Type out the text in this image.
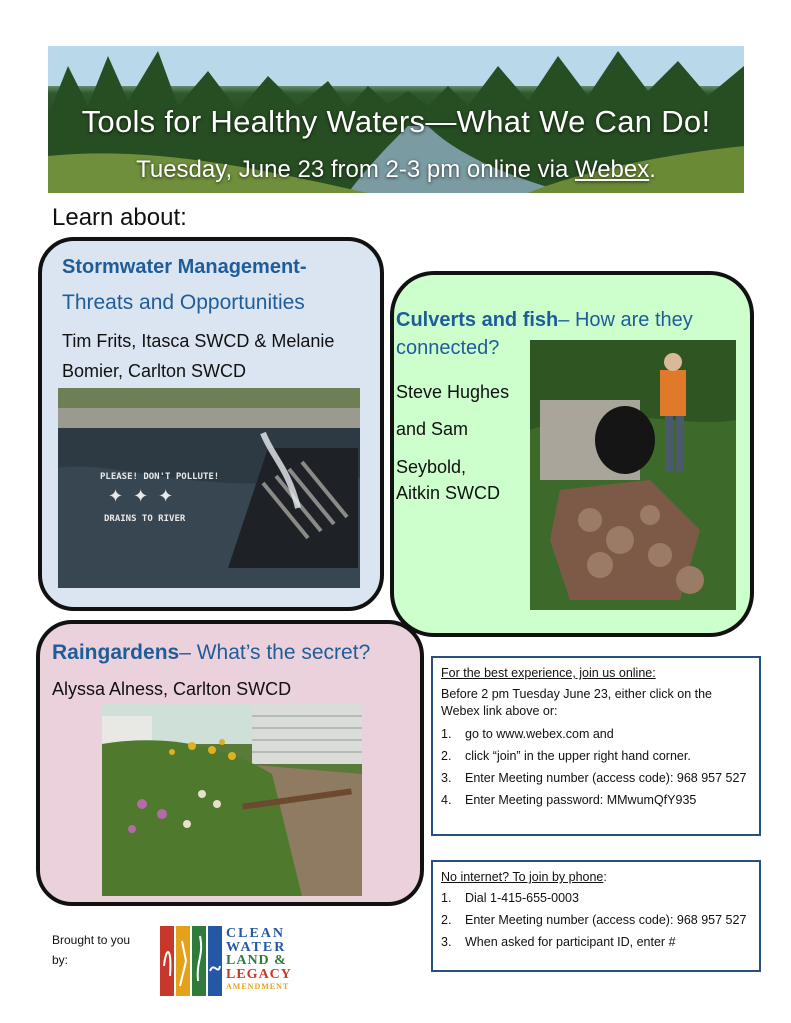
Tools for Healthy Waters—What We Can Do!
Tuesday, June 23 from 2-3 pm online via Webex.
Learn about:
Stormwater Management-
Threats and Opportunities
Tim Frits, Itasca SWCD & Melanie Bomier, Carlton SWCD
PLEASE! DON'T POLLUTE!
✦✦✦
DRAINS TO RIVER
Culverts and fish– How are they connected?
Steve Hughes
and Sam
Seybold,
Aitkin SWCD
Raingardens– What’s the secret?
Alyssa Alness, Carlton SWCD
For the best experience, join us online:
Before 2 pm Tuesday June 23, either click on the Webex link above or:
1. go to www.webex.com and
2. click “join” in the upper right hand corner.
3. Enter Meeting number (access code): 968 957 527
4. Enter Meeting password: MMwumQfY935
No internet? To join by phone:
1. Dial 1-415-655-0003
2. Enter Meeting number (access code): 968 957 527
3. When asked for participant ID, enter #
Brought to you by:
CLEAN
WATER
LAND &
LEGACY
AMENDMENT
